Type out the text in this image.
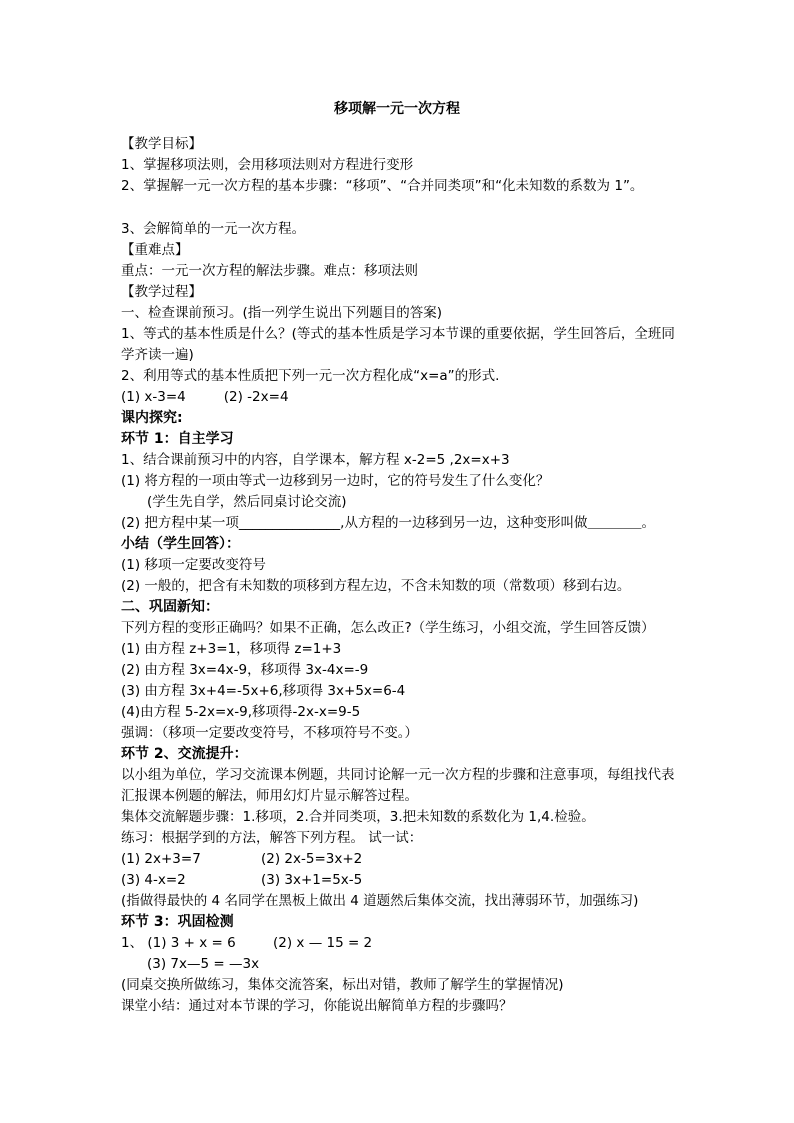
移项解一元一次方程
【教学目标】
1、掌握移项法则，会用移项法则对方程进行变形
2、掌握解一元一次方程的基本步骤：“移项”、“合并同类项”和“化未知数的系数为 1”。
3、会解简单的一元一次方程。
【重难点】
重点：一元一次方程的解法步骤。难点：移项法则
【教学过程】
一、检查课前预习。(指一列学生说出下列题目的答案)
1、等式的基本性质是什么？(等式的基本性质是学习本节课的重要依据，学生回答后，全班同学齐读一遍)
2、利用等式的基本性质把下列一元一次方程化成“x=a”的形式.
(1) x-3=4	(2) -2x=4
课内探究:
环节 1：自主学习
1、结合课前预习中的内容，自学课本，解方程 x-2=5 ,2x=x+3
(1) 将方程的一项由等式一边移到另一边时，它的符号发生了什么变化？
(学生先自学，然后同桌讨论交流)
(2) 把方程中某一项_______________,从方程的一边移到另一边，这种变形叫做＿＿＿＿。
小结（学生回答）：
(1) 移项一定要改变符号
(2) 一般的，把含有未知数的项移到方程左边，不含未知数的项（常数项）移到右边。
二、巩固新知：
下列方程的变形正确吗？如果不正确，怎么改正?（学生练习，小组交流，学生回答反馈）
(1) 由方程 z+3=1，移项得 z=1+3
(2) 由方程 3x=4x-9，移项得 3x-4x=-9
(3) 由方程 3x+4=-5x+6,移项得 3x+5x=6-4
(4)由方程 5-2x=x-9,移项得-2x-x=9-5
强调：（移项一定要改变符号，不移项符号不变。）
环节 2、交流提升：
以小组为单位，学习交流课本例题，共同讨论解一元一次方程的步骤和注意事项，每组找代表汇报课本例题的解法，师用幻灯片显示解答过程。
集体交流解题步骤：1.移项，2.合并同类项，3.把未知数的系数化为 1,4.检验。
练习：根据学到的方法，解答下列方程。 试一试：
(1) 2x+3=7	(2) 2x-5=3x+2
(3) 4-x=2	(3) 3x+1=5x-5
(指做得最快的 4 名同学在黑板上做出 4 道题然后集体交流，找出薄弱环节，加强练习)
环节 3：巩固检测
1、 (1) 3 + x = 6	(2) x — 15 = 2
(3) 7x—5 = —3x
(同桌交换所做练习，集体交流答案，标出对错，教师了解学生的掌握情况)
课堂小结：通过对本节课的学习，你能说出解简单方程的步骤吗？
